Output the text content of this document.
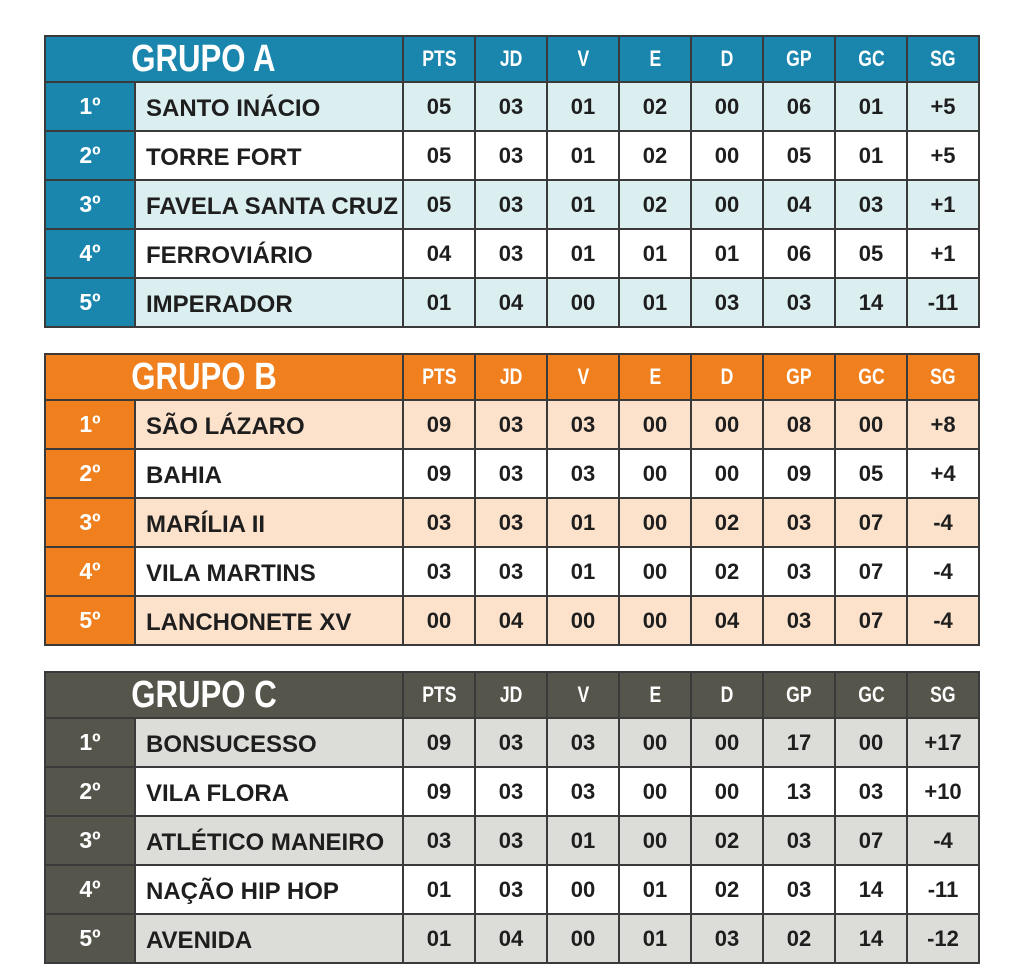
GRUPO A		PTS	JD	V	E	D	GP	GC	SG
1º	SANTO INÁCIO	05	03	01	02	00	06	01	+5
2º	TORRE FORT	05	03	01	02	00	05	01	+5
3º	FAVELA SANTA CRUZ	05	03	01	02	00	04	03	+1
4º	FERROVIÁRIO	04	03	01	01	01	06	05	+1
5º	IMPERADOR	01	04	00	01	03	03	14	-11
GRUPO B		PTS	JD	V	E	D	GP	GC	SG
1º	SÃO LÁZARO	09	03	03	00	00	08	00	+8
2º	BAHIA	09	03	03	00	00	09	05	+4
3º	MARÍLIA II	03	03	01	00	02	03	07	-4
4º	VILA MARTINS	03	03	01	00	02	03	07	-4
5º	LANCHONETE XV	00	04	00	00	04	03	07	-4
GRUPO C		PTS	JD	V	E	D	GP	GC	SG
1º	BONSUCESSO	09	03	03	00	00	17	00	+17
2º	VILA FLORA	09	03	03	00	00	13	03	+10
3º	ATLÉTICO MANEIRO	03	03	01	00	02	03	07	-4
4º	NAÇÃO HIP HOP	01	03	00	01	02	03	14	-11
5º	AVENIDA	01	04	00	01	03	02	14	-12
